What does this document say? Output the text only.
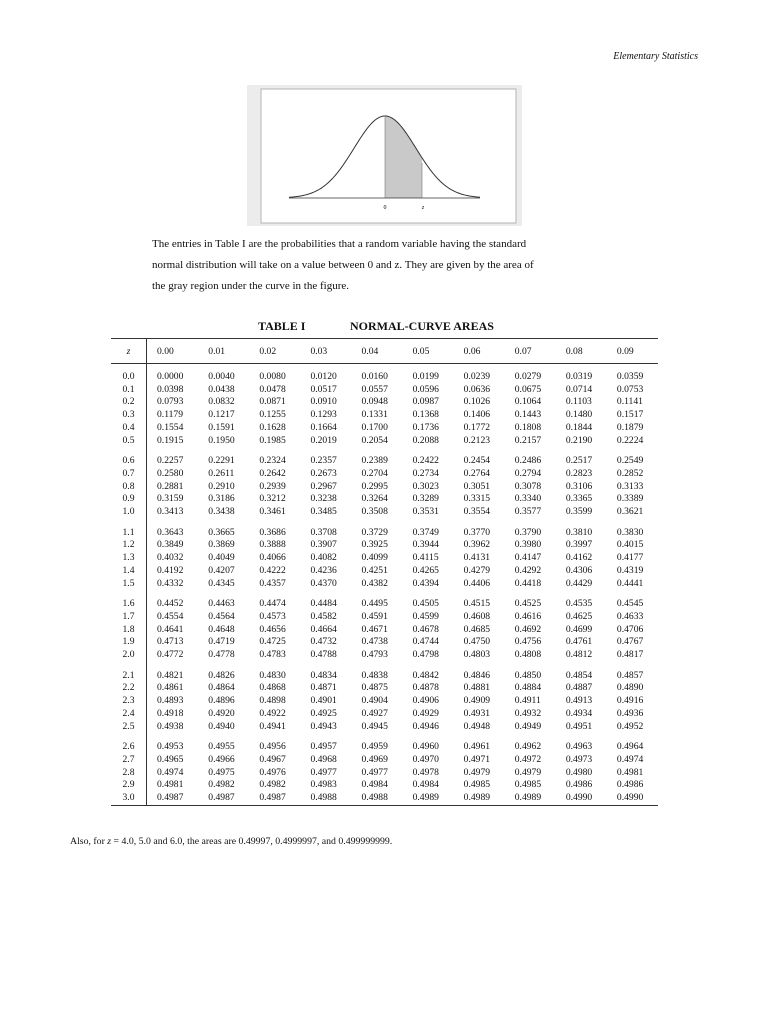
Elementary Statistics
0	z

The entries in Table I are the probabilities that a random variable having the standard

normal distribution will take on a value between 0 and z. They are given by the area of

the gray region under the curve in the figure.

TABLE I	NORMAL-CURVE AREAS
z	0.00	0.01	0.02	0.03	0.04	0.05	0.06	0.07	0.08	0.09
0.0	0.0000	0.0040	0.0080	0.0120	0.0160	0.0199	0.0239	0.0279	0.0319	0.0359
0.1	0.0398	0.0438	0.0478	0.0517	0.0557	0.0596	0.0636	0.0675	0.0714	0.0753
0.2	0.0793	0.0832	0.0871	0.0910	0.0948	0.0987	0.1026	0.1064	0.1103	0.1141
0.3	0.1179	0.1217	0.1255	0.1293	0.1331	0.1368	0.1406	0.1443	0.1480	0.1517
0.4	0.1554	0.1591	0.1628	0.1664	0.1700	0.1736	0.1772	0.1808	0.1844	0.1879
0.5	0.1915	0.1950	0.1985	0.2019	0.2054	0.2088	0.2123	0.2157	0.2190	0.2224
0.6	0.2257	0.2291	0.2324	0.2357	0.2389	0.2422	0.2454	0.2486	0.2517	0.2549
0.7	0.2580	0.2611	0.2642	0.2673	0.2704	0.2734	0.2764	0.2794	0.2823	0.2852
0.8	0.2881	0.2910	0.2939	0.2967	0.2995	0.3023	0.3051	0.3078	0.3106	0.3133
0.9	0.3159	0.3186	0.3212	0.3238	0.3264	0.3289	0.3315	0.3340	0.3365	0.3389
1.0	0.3413	0.3438	0.3461	0.3485	0.3508	0.3531	0.3554	0.3577	0.3599	0.3621
1.1	0.3643	0.3665	0.3686	0.3708	0.3729	0.3749	0.3770	0.3790	0.3810	0.3830
1.2	0.3849	0.3869	0.3888	0.3907	0.3925	0.3944	0.3962	0.3980	0.3997	0.4015
1.3	0.4032	0.4049	0.4066	0.4082	0.4099	0.4115	0.4131	0.4147	0.4162	0.4177
1.4	0.4192	0.4207	0.4222	0.4236	0.4251	0.4265	0.4279	0.4292	0.4306	0.4319
1.5	0.4332	0.4345	0.4357	0.4370	0.4382	0.4394	0.4406	0.4418	0.4429	0.4441
1.6	0.4452	0.4463	0.4474	0.4484	0.4495	0.4505	0.4515	0.4525	0.4535	0.4545
1.7	0.4554	0.4564	0.4573	0.4582	0.4591	0.4599	0.4608	0.4616	0.4625	0.4633
1.8	0.4641	0.4648	0.4656	0.4664	0.4671	0.4678	0.4685	0.4692	0.4699	0.4706
1.9	0.4713	0.4719	0.4725	0.4732	0.4738	0.4744	0.4750	0.4756	0.4761	0.4767
2.0	0.4772	0.4778	0.4783	0.4788	0.4793	0.4798	0.4803	0.4808	0.4812	0.4817
2.1	0.4821	0.4826	0.4830	0.4834	0.4838	0.4842	0.4846	0.4850	0.4854	0.4857
2.2	0.4861	0.4864	0.4868	0.4871	0.4875	0.4878	0.4881	0.4884	0.4887	0.4890
2.3	0.4893	0.4896	0.4898	0.4901	0.4904	0.4906	0.4909	0.4911	0.4913	0.4916
2.4	0.4918	0.4920	0.4922	0.4925	0.4927	0.4929	0.4931	0.4932	0.4934	0.4936
2.5	0.4938	0.4940	0.4941	0.4943	0.4945	0.4946	0.4948	0.4949	0.4951	0.4952
2.6	0.4953	0.4955	0.4956	0.4957	0.4959	0.4960	0.4961	0.4962	0.4963	0.4964
2.7	0.4965	0.4966	0.4967	0.4968	0.4969	0.4970	0.4971	0.4972	0.4973	0.4974
2.8	0.4974	0.4975	0.4976	0.4977	0.4977	0.4978	0.4979	0.4979	0.4980	0.4981
2.9	0.4981	0.4982	0.4982	0.4983	0.4984	0.4984	0.4985	0.4985	0.4986	0.4986
3.0	0.4987	0.4987	0.4987	0.4988	0.4988	0.4989	0.4989	0.4989	0.4990	0.4990
Also, for z = 4.0, 5.0 and 6.0, the areas are 0.49997, 0.4999997, and 0.499999999.
